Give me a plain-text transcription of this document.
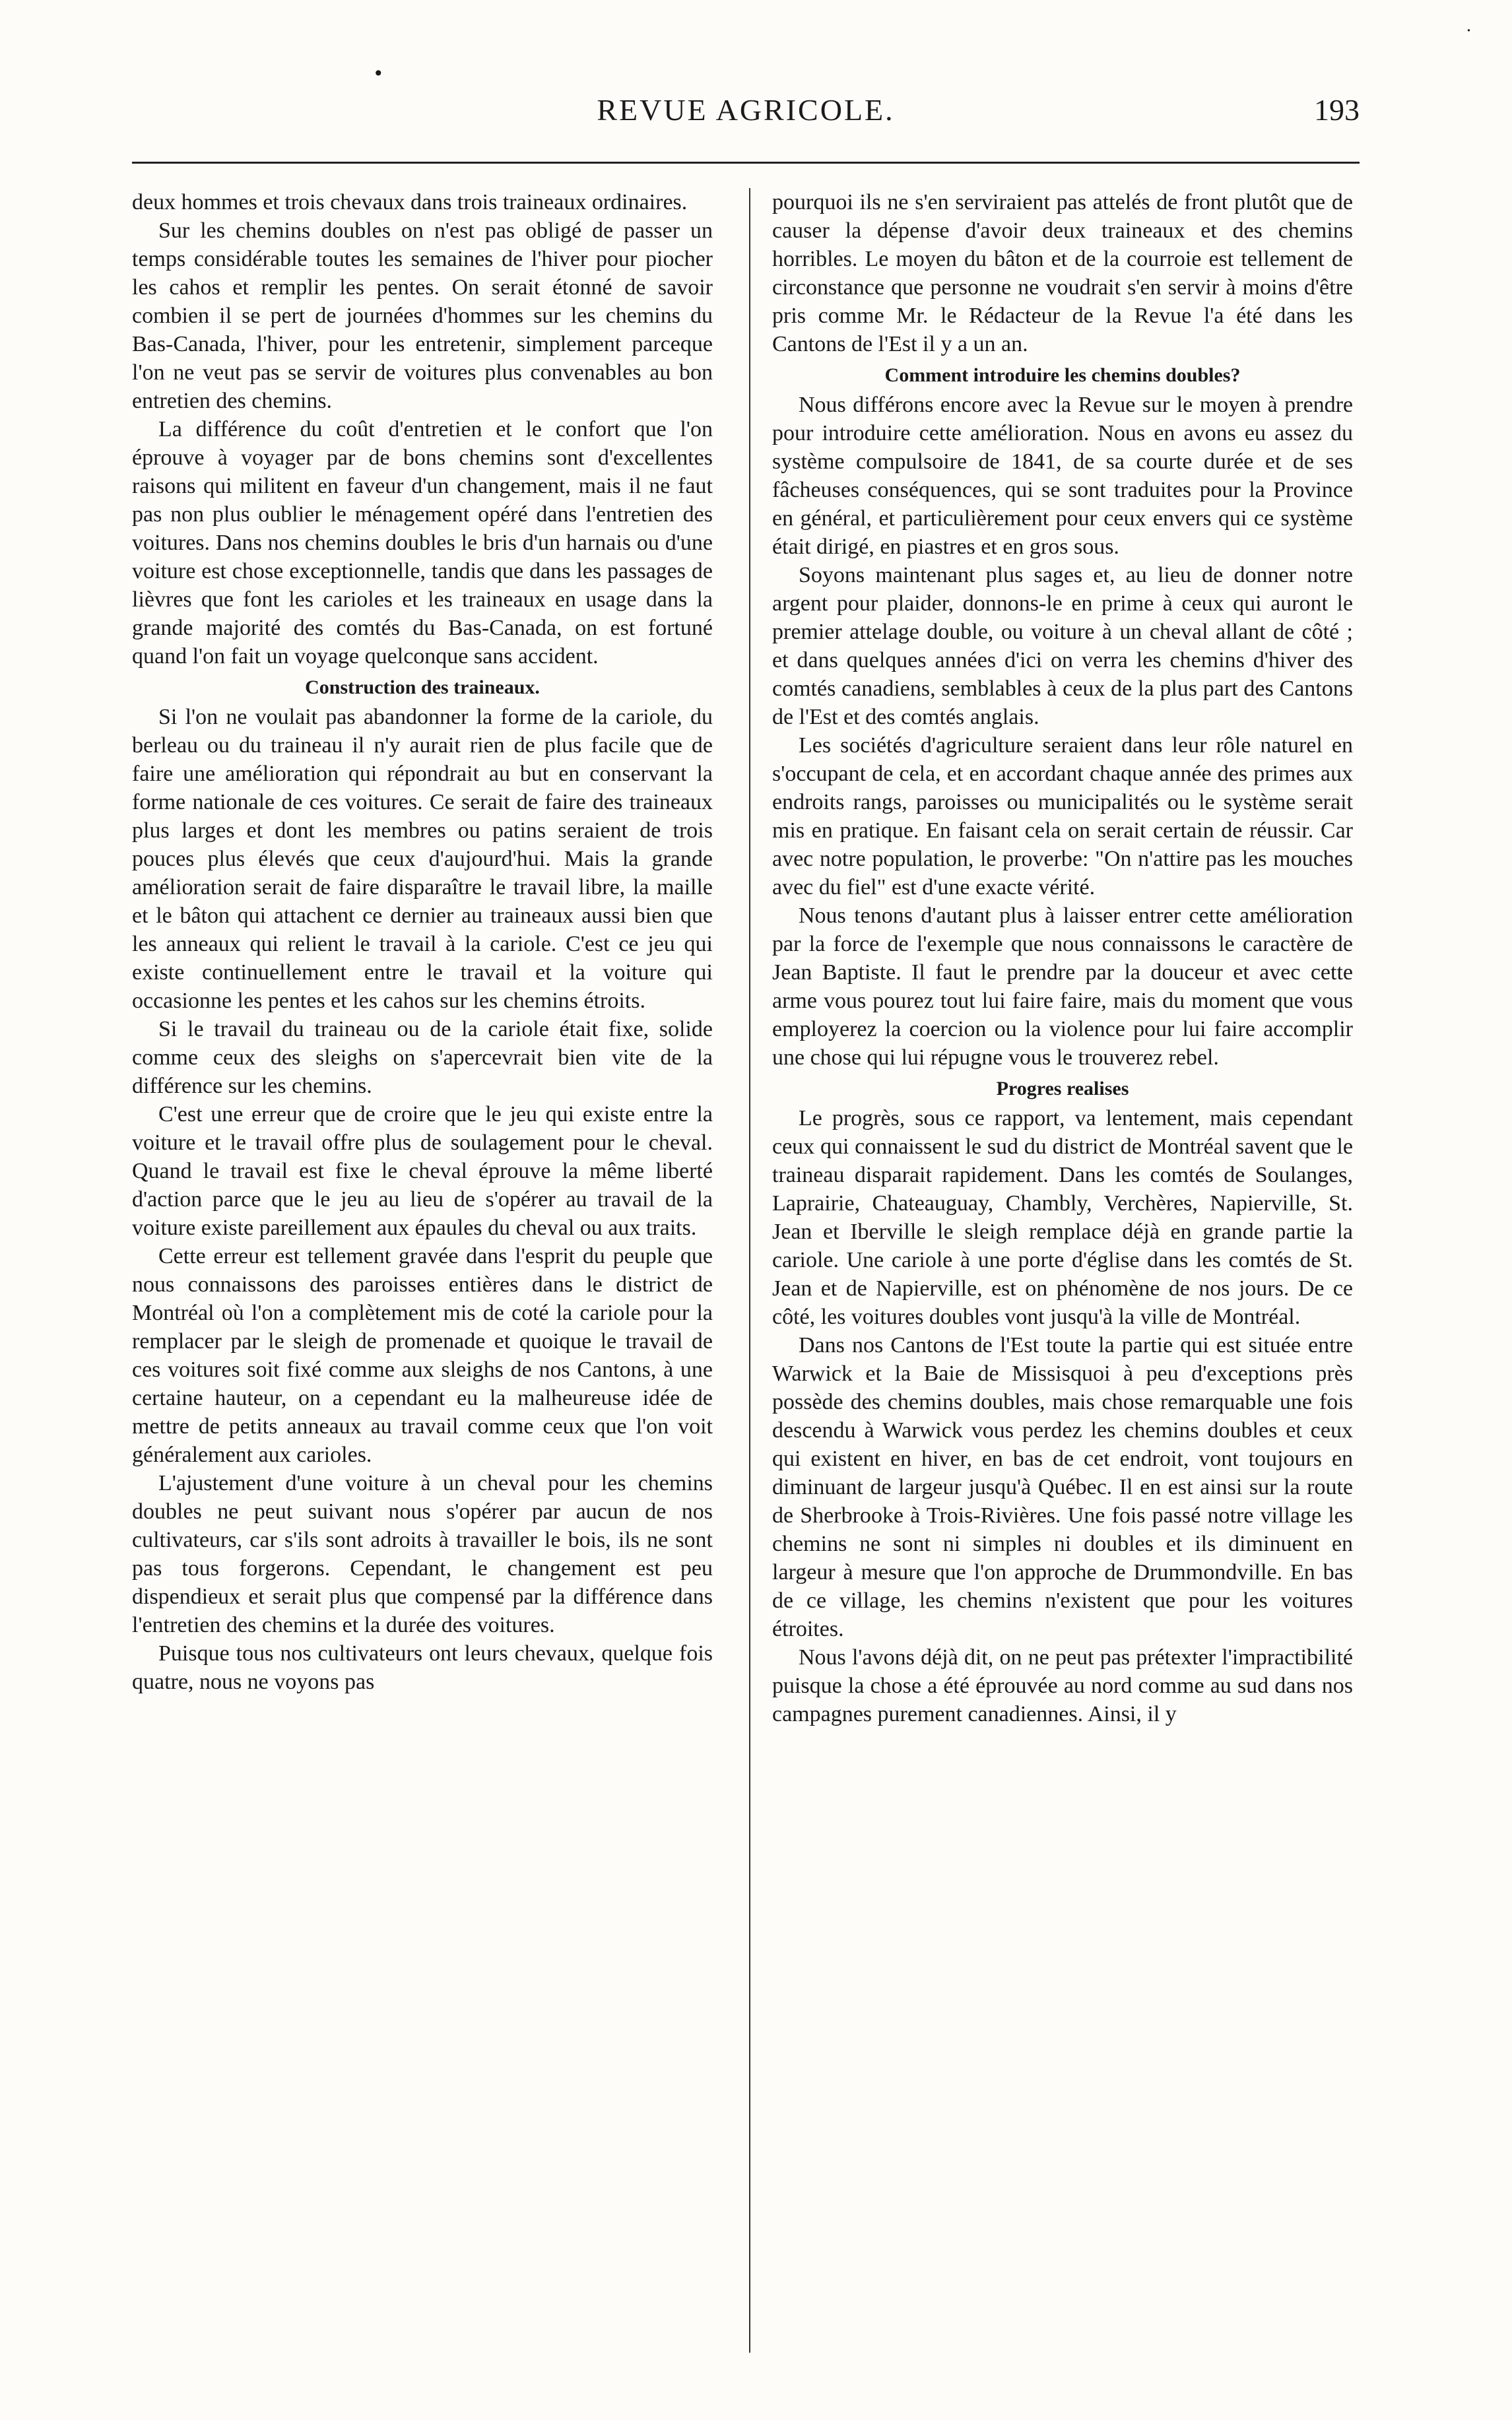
•
˙
REVUE AGRICOLE.	193

deux hommes et trois chevaux dans trois traineaux ordinaires.

Sur les chemins doubles on n'est pas obligé de passer un temps considérable toutes les semaines de l'hiver pour piocher les cahos et remplir les pentes. On serait étonné de savoir combien il se pert de journées d'hommes sur les chemins du Bas-Canada, l'hiver, pour les entretenir, simplement parceque l'on ne veut pas se servir de voitures plus convenables au bon entretien des chemins.

La différence du coût d'entretien et le confort que l'on éprouve à voyager par de bons chemins sont d'excellentes raisons qui militent en faveur d'un changement, mais il ne faut pas non plus oublier le ménagement opéré dans l'entretien des voitures. Dans nos chemins doubles le bris d'un harnais ou d'une voiture est chose exceptionnelle, tandis que dans les passages de lièvres que font les carioles et les traineaux en usage dans la grande majorité des comtés du Bas-Canada, on est fortuné quand l'on fait un voyage quelconque sans accident.

Construction des traineaux.

Si l'on ne voulait pas abandonner la forme de la cariole, du berleau ou du traineau il n'y aurait rien de plus facile que de faire une amélioration qui répondrait au but en conservant la forme nationale de ces voitures. Ce serait de faire des traineaux plus larges et dont les membres ou patins seraient de trois pouces plus élevés que ceux d'aujourd'hui. Mais la grande amélioration serait de faire disparaître le travail libre, la maille et le bâton qui attachent ce dernier au traineaux aussi bien que les anneaux qui relient le travail à la cariole. C'est ce jeu qui existe continuellement entre le travail et la voiture qui occasionne les pentes et les cahos sur les chemins étroits.

Si le travail du traineau ou de la cariole était fixe, solide comme ceux des sleighs on s'apercevrait bien vite de la différence sur les chemins.

C'est une erreur que de croire que le jeu qui existe entre la voiture et le travail offre plus de soulagement pour le cheval. Quand le travail est fixe le cheval éprouve la même liberté d'action parce que le jeu au lieu de s'opérer au travail de la voiture existe pareillement aux épaules du cheval ou aux traits.

Cette erreur est tellement gravée dans l'esprit du peuple que nous connaissons des paroisses entières dans le district de Montréal où l'on a complètement mis de coté la cariole pour la remplacer par le sleigh de promenade et quoique le travail de ces voitures soit fixé comme aux sleighs de nos Cantons, à une certaine hauteur, on a cependant eu la malheureuse idée de mettre de petits anneaux au travail comme ceux que l'on voit généralement aux carioles.

L'ajustement d'une voiture à un cheval pour les chemins doubles ne peut suivant nous s'opérer par aucun de nos cultivateurs, car s'ils sont adroits à travailler le bois, ils ne sont pas tous forgerons. Cependant, le changement est peu dispendieux et serait plus que compensé par la différence dans l'entretien des chemins et la durée des voitures.

Puisque tous nos cultivateurs ont leurs chevaux, quelque fois quatre, nous ne voyons pas

pourquoi ils ne s'en serviraient pas attelés de front plutôt que de causer la dépense d'avoir deux traineaux et des chemins horribles. Le moyen du bâton et de la courroie est tellement de circonstance que personne ne voudrait s'en servir à moins d'être pris comme Mr. le Rédacteur de la Revue l'a été dans les Cantons de l'Est il y a un an.

Comment introduire les chemins doubles?

Nous différons encore avec la Revue sur le moyen à prendre pour introduire cette amélioration. Nous en avons eu assez du système compulsoire de 1841, de sa courte durée et de ses fâcheuses conséquences, qui se sont traduites pour la Province en général, et particulièrement pour ceux envers qui ce système était dirigé, en piastres et en gros sous.

Soyons maintenant plus sages et, au lieu de donner notre argent pour plaider, donnons-le en prime à ceux qui auront le premier attelage double, ou voiture à un cheval allant de côté ; et dans quelques années d'ici on verra les chemins d'hiver des comtés canadiens, semblables à ceux de la plus part des Cantons de l'Est et des comtés anglais.

Les sociétés d'agriculture seraient dans leur rôle naturel en s'occupant de cela, et en accordant chaque année des primes aux endroits rangs, paroisses ou municipalités ou le système serait mis en pratique. En faisant cela on serait certain de réussir. Car avec notre population, le proverbe: "On n'attire pas les mouches avec du fiel" est d'une exacte vérité.

Nous tenons d'autant plus à laisser entrer cette amélioration par la force de l'exemple que nous connaissons le caractère de Jean Baptiste. Il faut le prendre par la douceur et avec cette arme vous pourez tout lui faire faire, mais du moment que vous employerez la coercion ou la violence pour lui faire accomplir une chose qui lui répugne vous le trouverez rebel.

Progres realises

Le progrès, sous ce rapport, va lentement, mais cependant ceux qui connaissent le sud du district de Montréal savent que le traineau disparait rapidement. Dans les comtés de Soulanges, Laprairie, Chateauguay, Chambly, Verchères, Napierville, St. Jean et Iberville le sleigh remplace déjà en grande partie la cariole. Une cariole à une porte d'église dans les comtés de St. Jean et de Napierville, est on phénomène de nos jours. De ce côté, les voitures doubles vont jusqu'à la ville de Montréal.

Dans nos Cantons de l'Est toute la partie qui est située entre Warwick et la Baie de Missisquoi à peu d'exceptions près possède des chemins doubles, mais chose remarquable une fois descendu à Warwick vous perdez les chemins doubles et ceux qui existent en hiver, en bas de cet endroit, vont toujours en diminuant de largeur jusqu'à Québec. Il en est ainsi sur la route de Sherbrooke à Trois-Rivières. Une fois passé notre village les chemins ne sont ni simples ni doubles et ils diminuent en largeur à mesure que l'on approche de Drummondville. En bas de ce village, les chemins n'existent que pour les voitures étroites.

Nous l'avons déjà dit, on ne peut pas prétexter l'impractibilité puisque la chose a été éprouvée au nord comme au sud dans nos campagnes purement canadiennes. Ainsi, il y
